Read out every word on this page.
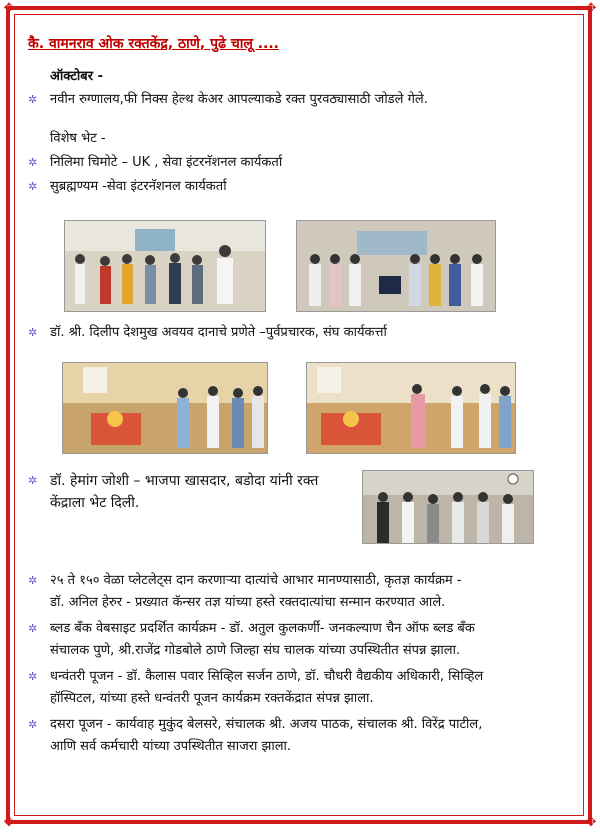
✥	✥
✥	✥
कै. वामनराव ओक रक्तकेंद्र, ठाणे, पुढे चालू ....
ऑक्टोबर -
✲ नवीन रुग्णालय,फी निक्स हेल्थ केअर आपल्याकडे रक्त पुरवठ्यासाठी जोडले गेले.
विशेष भेट -
✲ निलिमा चिमोटे – UK , सेवा इंटरनॅशनल कार्यकर्ता
✲ सुब्रह्मण्यम -सेवा इंटरनॅशनल कार्यकर्ता
✲ डॉ. श्री. दिलीप देशमुख अवयव दानाचे प्रणेते –पुर्वप्रचारक, संघ कार्यकर्त्ता
✲ डॉ. हेमांग जोशी – भाजपा खासदार, बडोदा यांनी रक्त
केंद्राला भेट दिली.
✲ २५ ते १५० वेळा प्लेटलेट्स दान करणाऱ्या दात्यांचे आभार मानण्यासाठी, कृतज्ञ कार्यक्रम -
डॉ. अनिल हेरुर - प्रख्यात कॅन्सर तज्ञ यांच्या हस्ते रक्तदात्यांचा सन्मान करण्यात आले.
✲ ब्लड बँक वेबसाइट प्रदर्शित कार्यक्रम - डॉ. अतुल कुलकर्णी- जनकल्याण चैन ऑफ ब्लड बँक
संचालक पुणे, श्री.राजेंद्र गोडबोले ठाणे जिल्हा संघ चालक यांच्या उपस्थितीत संपन्न झाला.
✲ धन्वंतरी पूजन - डॉ. कैलास पवार सिव्हिल सर्जन ठाणे, डॉ. चौधरी वैद्यकीय अधिकारी, सिव्हिल
हॉस्पिटल, यांच्या हस्ते धन्वंतरी पूजन कार्यक्रम रक्तकेंद्रात संपन्न झाला.
✲ दसरा पूजन - कार्यवाह मुकुंद बेलसरे, संचालक श्री. अजय पाठक, संचालक श्री. विरेंद्र पाटील,
आणि सर्व कर्मचारी यांच्या उपस्थितीत साजरा झाला.
